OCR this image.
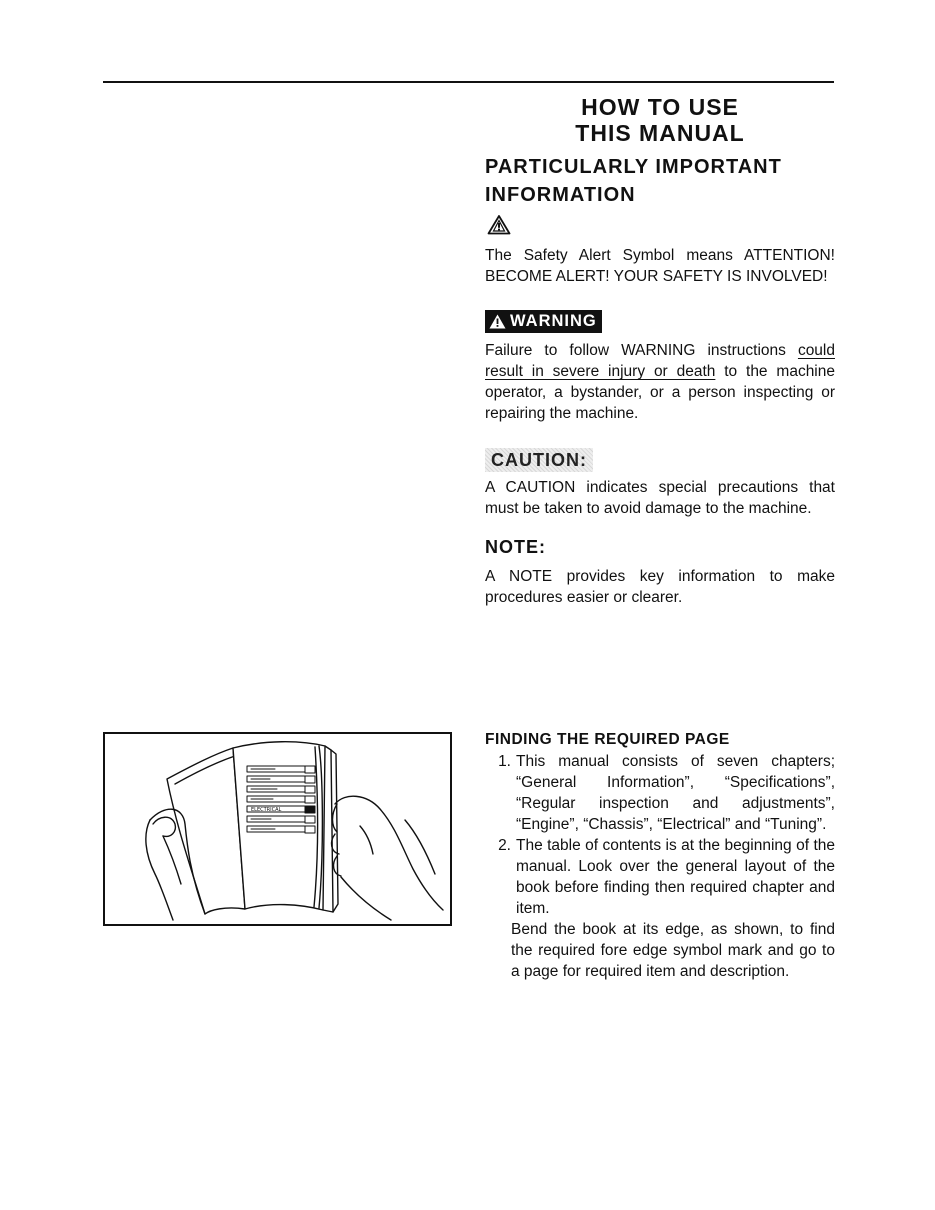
HOW TO USE
THIS MANUAL
PARTICULARLY IMPORTANT
INFORMATION
The Safety Alert Symbol means ATTENTION! BECOME ALERT! YOUR SAFETY IS INVOLVED!
WARNING
Failure to follow WARNING instructions could result in severe injury or death to the machine operator, a bystander, or a person inspecting or repairing the machine.
CAUTION:
A CAUTION indicates special precautions that must be taken to avoid damage to the machine.
NOTE:
A NOTE provides key information to make procedures easier or clearer.
ELECTRICAL
FINDING THE REQUIRED PAGE
1. This manual consists of seven chapters; “General Information”, “Specifications”, “Regular inspection and adjustments”, “Engine”, “Chassis”, “Electrical” and “Tuning”.
2. The table of contents is at the beginning of the manual. Look over the general layout of the book before finding then required chapter and item.
Bend the book at its edge, as shown, to find the required fore edge symbol mark and go to a page for required item and description.
